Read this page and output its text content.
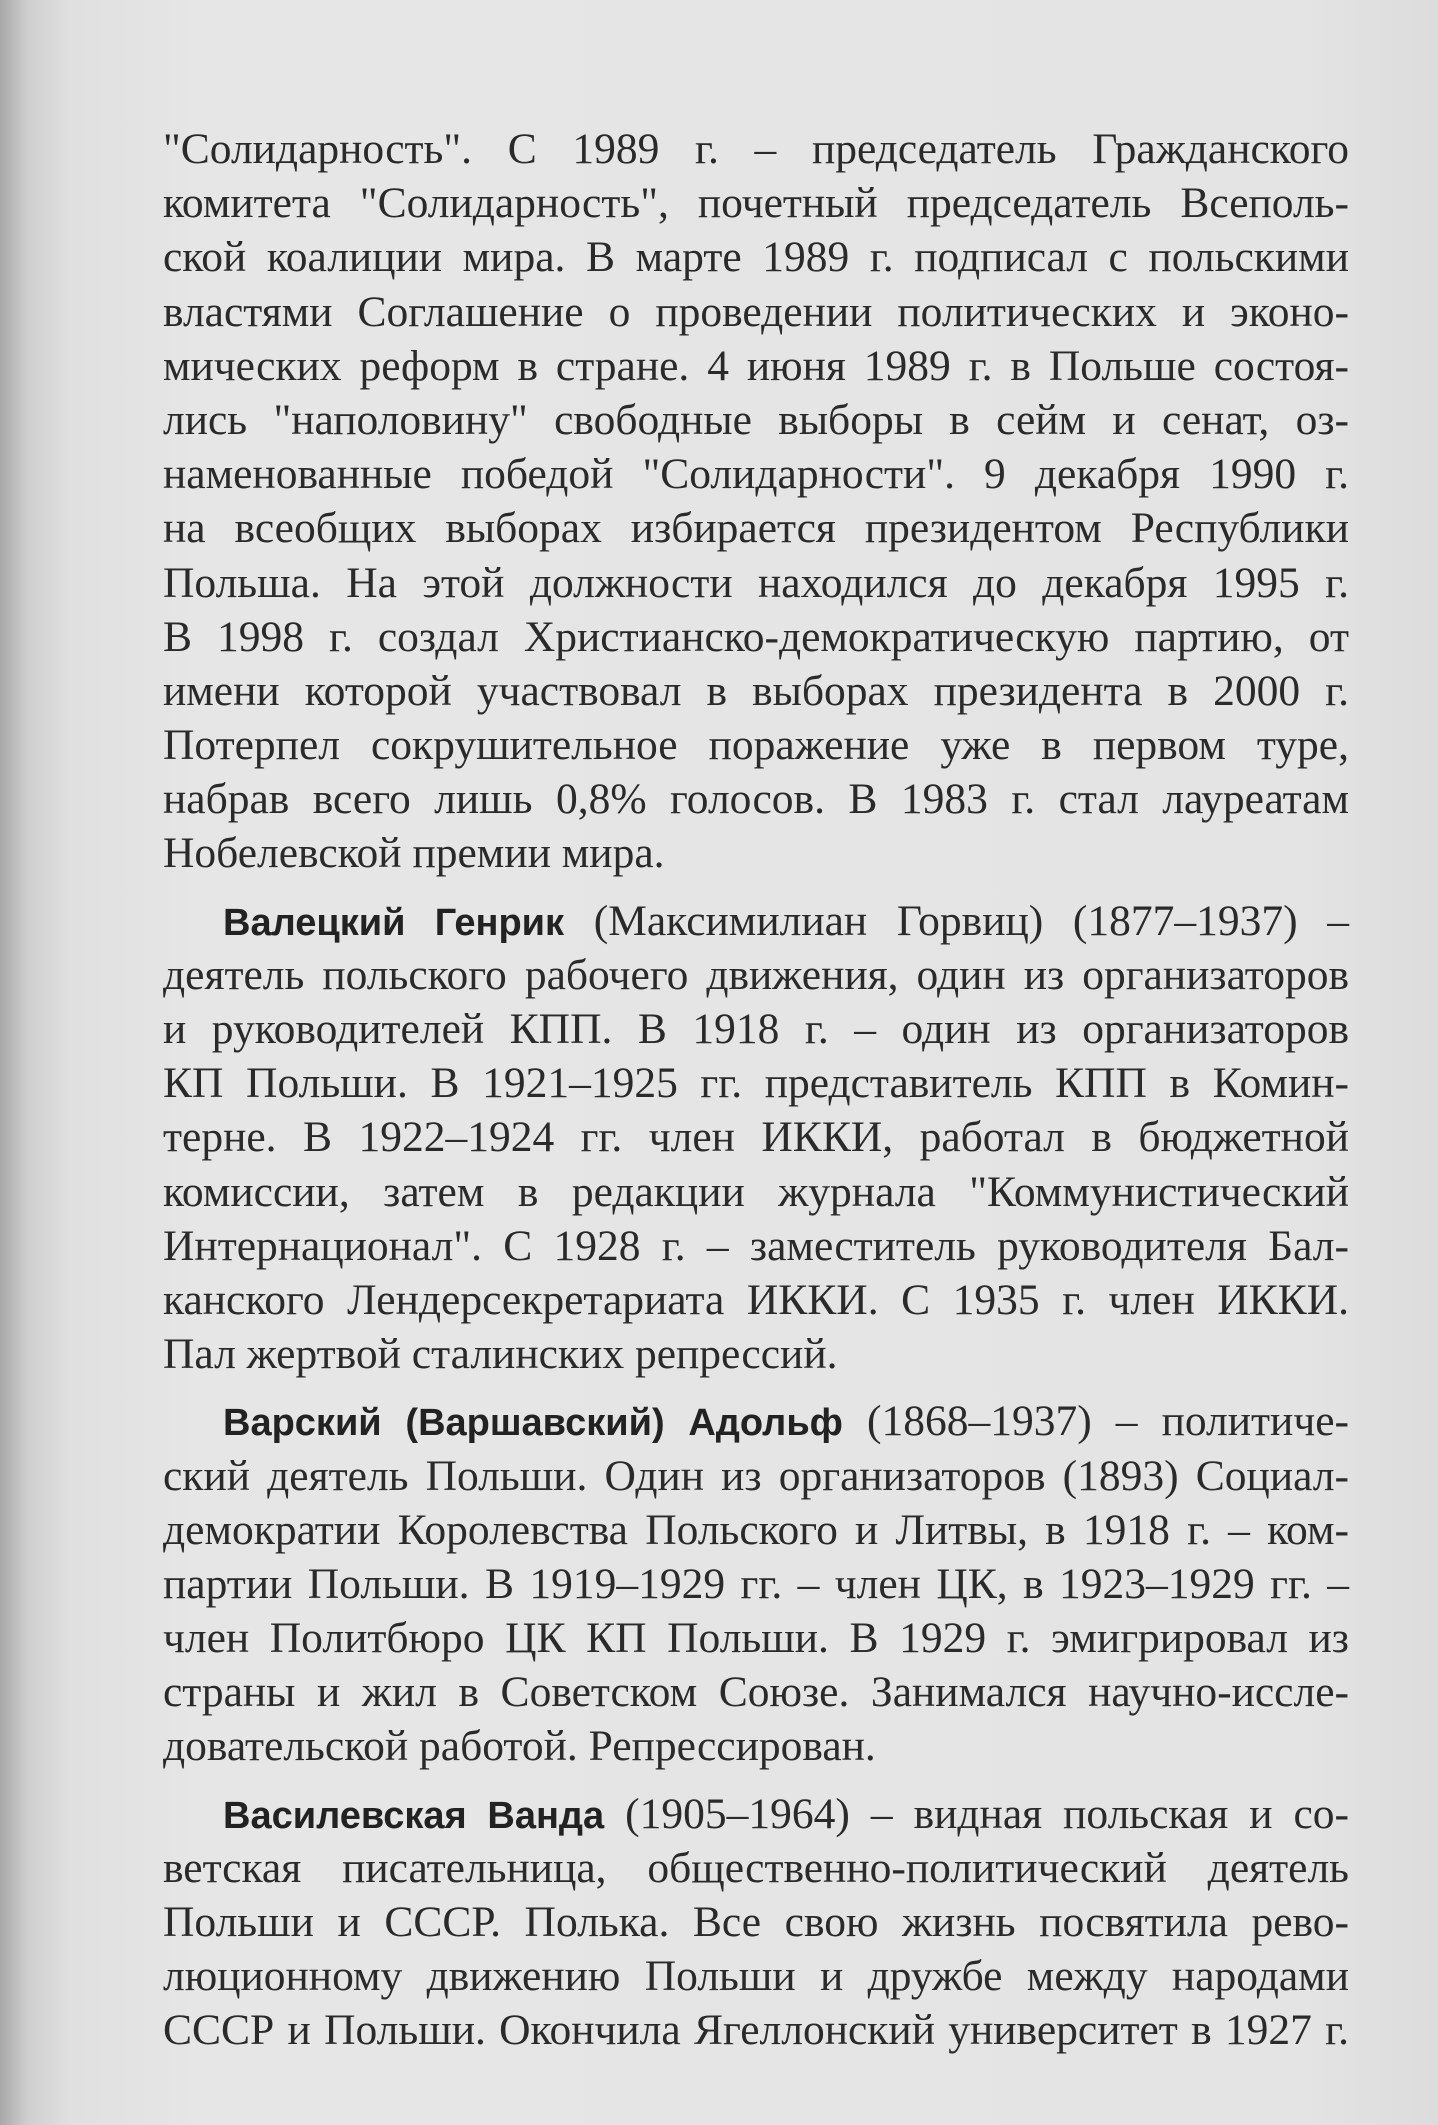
"Солидарность". С 1989 г. – председатель Гражданского
комитета "Солидарность", почетный председатель Всеполь-
ской коалиции мира. В марте 1989 г. подписал с польскими
властями Соглашение о проведении политических и эконо-
мических реформ в стране. 4 июня 1989 г. в Польше состоя-
лись "наполовину" свободные выборы в сейм и сенат, оз-
наменованные победой "Солидарности". 9 декабря 1990 г.
на всеобщих выборах избирается президентом Республики
Польша. На этой должности находился до декабря 1995 г.
В 1998 г. создал Христианско-демократическую партию, от
имени которой участвовал в выборах президента в 2000 г.
Потерпел сокрушительное поражение уже в первом туре,
набрав всего лишь 0,8% голосов. В 1983 г. стал лауреатам
Нобелевской премии мира.
Валецкий Генрик (Максимилиан Горвиц) (1877–1937) –
деятель польского рабочего движения, один из организаторов
и руководителей КПП. В 1918 г. – один из организаторов
КП Польши. В 1921–1925 гг. представитель КПП в Комин-
терне. В 1922–1924 гг. член ИККИ, работал в бюджетной
комиссии, затем в редакции журнала "Коммунистический
Интернационал". С 1928 г. – заместитель руководителя Бал-
канского Лендерсекретариата ИККИ. С 1935 г. член ИККИ.
Пал жертвой сталинских репрессий.
Варский (Варшавский) Адольф (1868–1937) – политиче-
ский деятель Польши. Один из организаторов (1893) Социал-
демократии Королевства Польского и Литвы, в 1918 г. – ком-
партии Польши. В 1919–1929 гг. – член ЦК, в 1923–1929 гг. –
член Политбюро ЦК КП Польши. В 1929 г. эмигрировал из
страны и жил в Советском Союзе. Занимался научно-иссле-
довательской работой. Репрессирован.
Василевская Ванда (1905–1964) – видная польская и со-
ветская писательница, общественно-политический деятель
Польши и СССР. Полька. Все свою жизнь посвятила рево-
люционному движению Польши и дружбе между народами
СССР и Польши. Окончила Ягеллонский университет в 1927 г.
